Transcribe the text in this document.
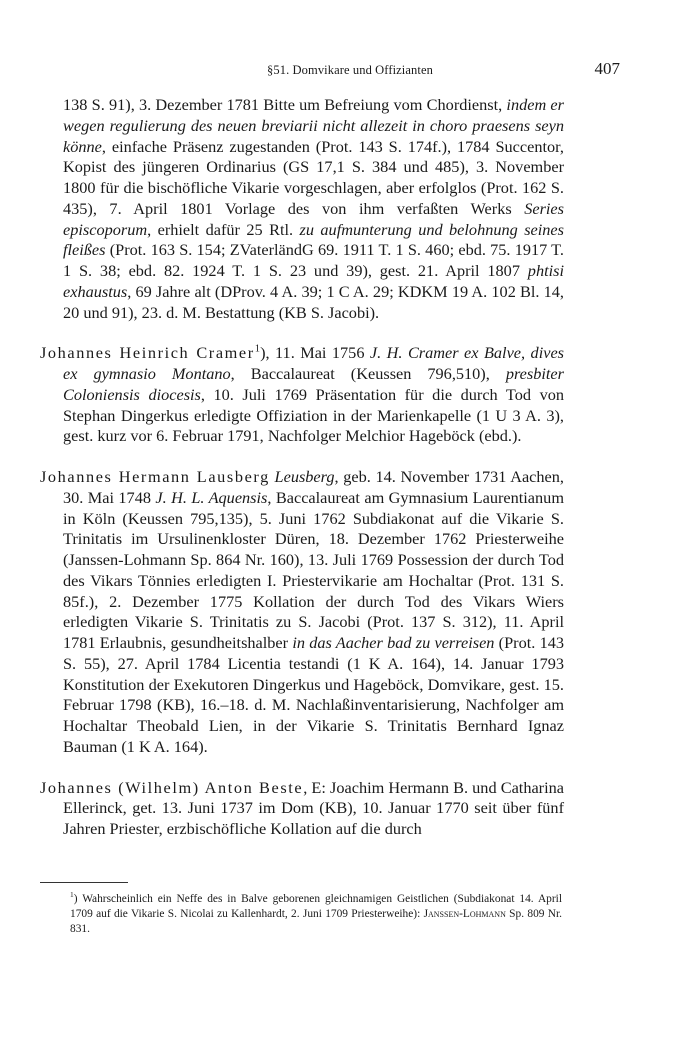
§51. Domvikare und Offizianten	407

138 S. 91), 3. Dezember 1781 Bitte um Befreiung vom Chordienst, indem er wegen regulierung des neuen breviarii nicht allezeit in choro praesens seyn könne, einfache Präsenz zugestanden (Prot. 143 S. 174f.), 1784 Succentor, Kopist des jüngeren Ordinarius (GS 17,1 S. 384 und 485), 3. November 1800 für die bischöfliche Vikarie vorgeschlagen, aber erfolglos (Prot. 162 S. 435), 7. April 1801 Vorlage des von ihm verfaßten Werks Series episcoporum, erhielt dafür 25 Rtl. zu aufmunterung und belohnung seines fleißes (Prot. 163 S. 154; ZVaterländG 69. 1911 T. 1 S. 460; ebd. 75. 1917 T. 1 S. 38; ebd. 82. 1924 T. 1 S. 23 und 39), gest. 21. April 1807 phtisi exhaustus, 69 Jahre alt (DProv. 4 A. 39; 1 C A. 29; KDKM 19 A. 102 Bl. 14, 20 und 91), 23. d. M. Bestattung (KB S. Jacobi).

Johannes Heinrich Cramer$^1$), 11. Mai 1756 J. H. Cramer ex Balve, dives ex gymnasio Montano, Baccalaureat (Keussen 796,510), presbiter Coloniensis diocesis, 10. Juli 1769 Präsentation für die durch Tod von Stephan Dingerkus erledigte Offiziation in der Marienkapelle (1 U 3 A. 3), gest. kurz vor 6. Februar 1791, Nachfolger Melchior Hageböck (ebd.).

Johannes Hermann Lausberg Leusberg, geb. 14. November 1731 Aachen, 30. Mai 1748 J. H. L. Aquensis, Baccalaureat am Gymnasium Laurentianum in Köln (Keussen 795,135), 5. Juni 1762 Subdiakonat auf die Vikarie S. Trinitatis im Ursulinenkloster Düren, 18. Dezember 1762 Priesterweihe (Janssen-Lohmann Sp. 864 Nr. 160), 13. Juli 1769 Possession der durch Tod des Vikars Tönnies erledigten I. Priestervikarie am Hochaltar (Prot. 131 S. 85f.), 2. Dezember 1775 Kollation der durch Tod des Vikars Wiers erledigten Vikarie S. Trinitatis zu S. Jacobi (Prot. 137 S. 312), 11. April 1781 Erlaubnis, gesundheitshalber in das Aacher bad zu verreisen (Prot. 143 S. 55), 27. April 1784 Licentia testandi (1 K A. 164), 14. Januar 1793 Konstitution der Exekutoren Dingerkus und Hageböck, Domvikare, gest. 15. Februar 1798 (KB), 16.–18. d. M. Nachlaßinventarisierung, Nachfolger am Hochaltar Theobald Lien, in der Vikarie S. Trinitatis Bernhard Ignaz Bauman (1 K A. 164).

Johannes (Wilhelm) Anton Beste, E: Joachim Hermann B. und Catharina Ellerinck, get. 13. Juni 1737 im Dom (KB), 10. Januar 1770 seit über fünf Jahren Priester, erzbischöfliche Kollation auf die durch

$^1$) Wahrscheinlich ein Neffe des in Balve geborenen gleichnamigen Geistlichen (Subdiakonat 14. April 1709 auf die Vikarie S. Nicolai zu Kallenhardt, 2. Juni 1709 Priesterweihe): Janssen-Lohmann Sp. 809 Nr. 831.
